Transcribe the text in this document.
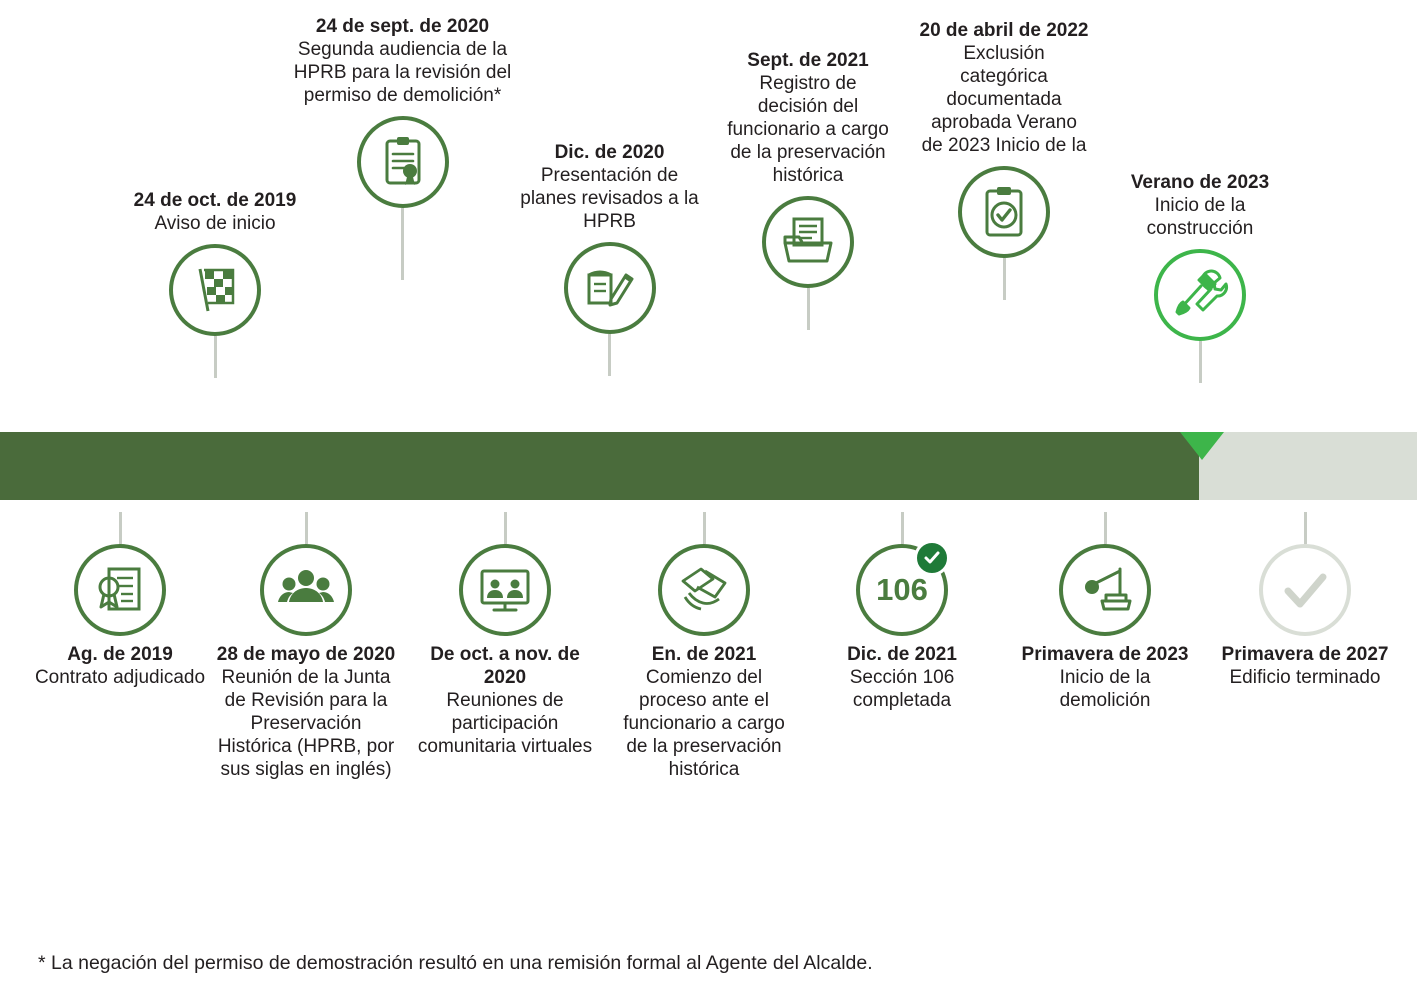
24 de oct. de 2019
Aviso de inicio
24 de sept. de 2020
Segunda audiencia de la HPRB para la revisión del permiso de demolición*
Dic. de 2020
Presentación de planes revisados a la HPRB
Sept. de 2021
Registro de decisión del funcionario a cargo de la preservación histórica
20 de abril de 2022
Exclusión categórica documentada aprobada Verano de 2023 Inicio de la
Verano de 2023
Inicio de la construcción
Ag. de 2019
Contrato adjudicado
28 de mayo de 2020
Reunión de la Junta de Revisión para la Preservación Histórica (HPRB, por sus siglas en inglés)
De oct. a nov. de 2020
Reuniones de participación comunitaria virtuales
En. de 2021
Comienzo del proceso ante el funcionario a cargo de la preservación histórica
106
Dic. de 2021
Sección 106 completada
Primavera de 2023
Inicio de la demolición
Primavera de 2027
Edificio terminado
* La negación del permiso de demostración resultó en una remisión formal al Agente del Alcalde.
